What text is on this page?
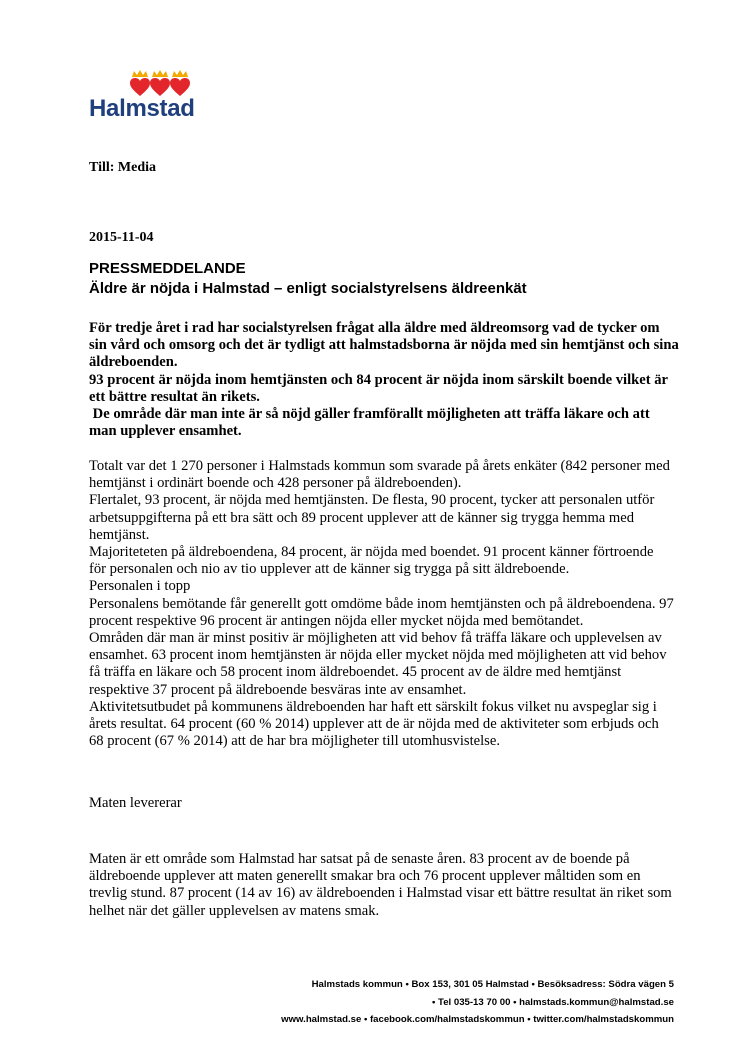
Halmstad
Till: Media
2015-11-04
PRESSMEDDELANDE
Äldre är nöjda i Halmstad – enligt socialstyrelsens äldreenkät

För tredje året i rad har socialstyrelsen frågat alla äldre med äldreomsorg vad de tycker om sin vård och omsorg och det är tydligt att halmstadsborna är nöjda med sin hemtjänst och sina äldreboenden.

93 procent är nöjda inom hemtjänsten och 84 procent är nöjda inom särskilt boende vilket är ett bättre resultat än rikets.

De område där man inte är så nöjd gäller framförallt möjligheten att träffa läkare och att man upplever ensamhet.

Totalt var det 1 270 personer i Halmstads kommun som svarade på årets enkäter (842 personer med hemtjänst i ordinärt boende och 428 personer på äldreboenden).

Flertalet, 93 procent, är nöjda med hemtjänsten. De flesta, 90 procent, tycker att personalen utför arbetsuppgifterna på ett bra sätt och 89 procent upplever att de känner sig trygga hemma med hemtjänst.

Majoriteteten på äldreboendena, 84 procent, är nöjda med boendet. 91 procent känner förtroende för personalen och nio av tio upplever att de känner sig trygga på sitt äldreboende.

Personalen i topp

Personalens bemötande får generellt gott omdöme både inom hemtjänsten och på äldreboendena. 97 procent respektive 96 procent är antingen nöjda eller mycket nöjda med bemötandet.

Områden där man är minst positiv är möjligheten att vid behov få träffa läkare och upplevelsen av ensamhet. 63 procent inom hemtjänsten är nöjda eller mycket nöjda med möjligheten att vid behov få träffa en läkare och 58 procent inom äldreboendet. 45 procent av de äldre med hemtjänst respektive 37 procent på äldreboende besväras inte av ensamhet.

Aktivitetsutbudet på kommunens äldreboenden har haft ett särskilt fokus vilket nu avspeglar sig i årets resultat. 64 procent (60 % 2014) upplever att de är nöjda med de aktiviteter som erbjuds och 68 procent (67 % 2014) att de har bra möjligheter till utomhusvistelse.

Maten levererar

Maten är ett område som Halmstad har satsat på de senaste åren. 83 procent av de boende på äldreboende upplever att maten generellt smakar bra och 76 procent upplever måltiden som en trevlig stund. 87 procent (14 av 16) av äldreboenden i Halmstad visar ett bättre resultat än riket som helhet när det gäller upplevelsen av matens smak.

Halmstads kommun • Box 153, 301 05 Halmstad • Besöksadress: Södra vägen 5
• Tel 035-13 70 00 • halmstads.kommun@halmstad.se
www.halmstad.se • facebook.com/halmstadskommun • twitter.com/halmstadskommun
